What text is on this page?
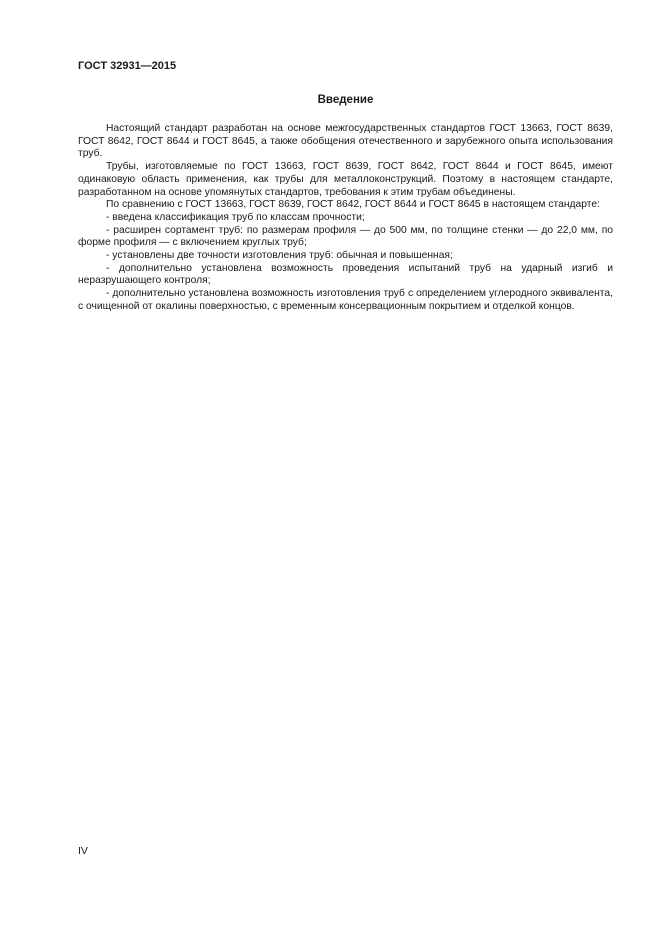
ГОСТ 32931—2015
Введение

Настоящий стандарт разработан на основе межгосударственных стандартов ГОСТ 13663, ГОСТ 8639, ГОСТ 8642, ГОСТ 8644 и ГОСТ 8645, а также обобщения отечественного и зарубежного опыта использования труб.

Трубы, изготовляемые по ГОСТ 13663, ГОСТ 8639, ГОСТ 8642, ГОСТ 8644 и ГОСТ 8645, имеют одинаковую область применения, как трубы для металлоконструкций. Поэтому в настоящем стандарте, разработанном на основе упомянутых стандартов, требования к этим трубам объединены.

По сравнению с ГОСТ 13663, ГОСТ 8639, ГОСТ 8642, ГОСТ 8644 и ГОСТ 8645 в настоящем стандарте:

- введена классификация труб по классам прочности;

- расширен сортамент труб: по размерам профиля — до 500 мм, по толщине стенки — до 22,0 мм, по форме профиля — с включением круглых труб;

- установлены две точности изготовления труб: обычная и повышенная;

- дополнительно установлена возможность проведения испытаний труб на ударный изгиб и неразрушающего контроля;

- дополнительно установлена возможность изготовления труб с определением углеродного эквивалента, с очищенной от окалины поверхностью, с временным консервационным покрытием и отделкой концов.

IV
